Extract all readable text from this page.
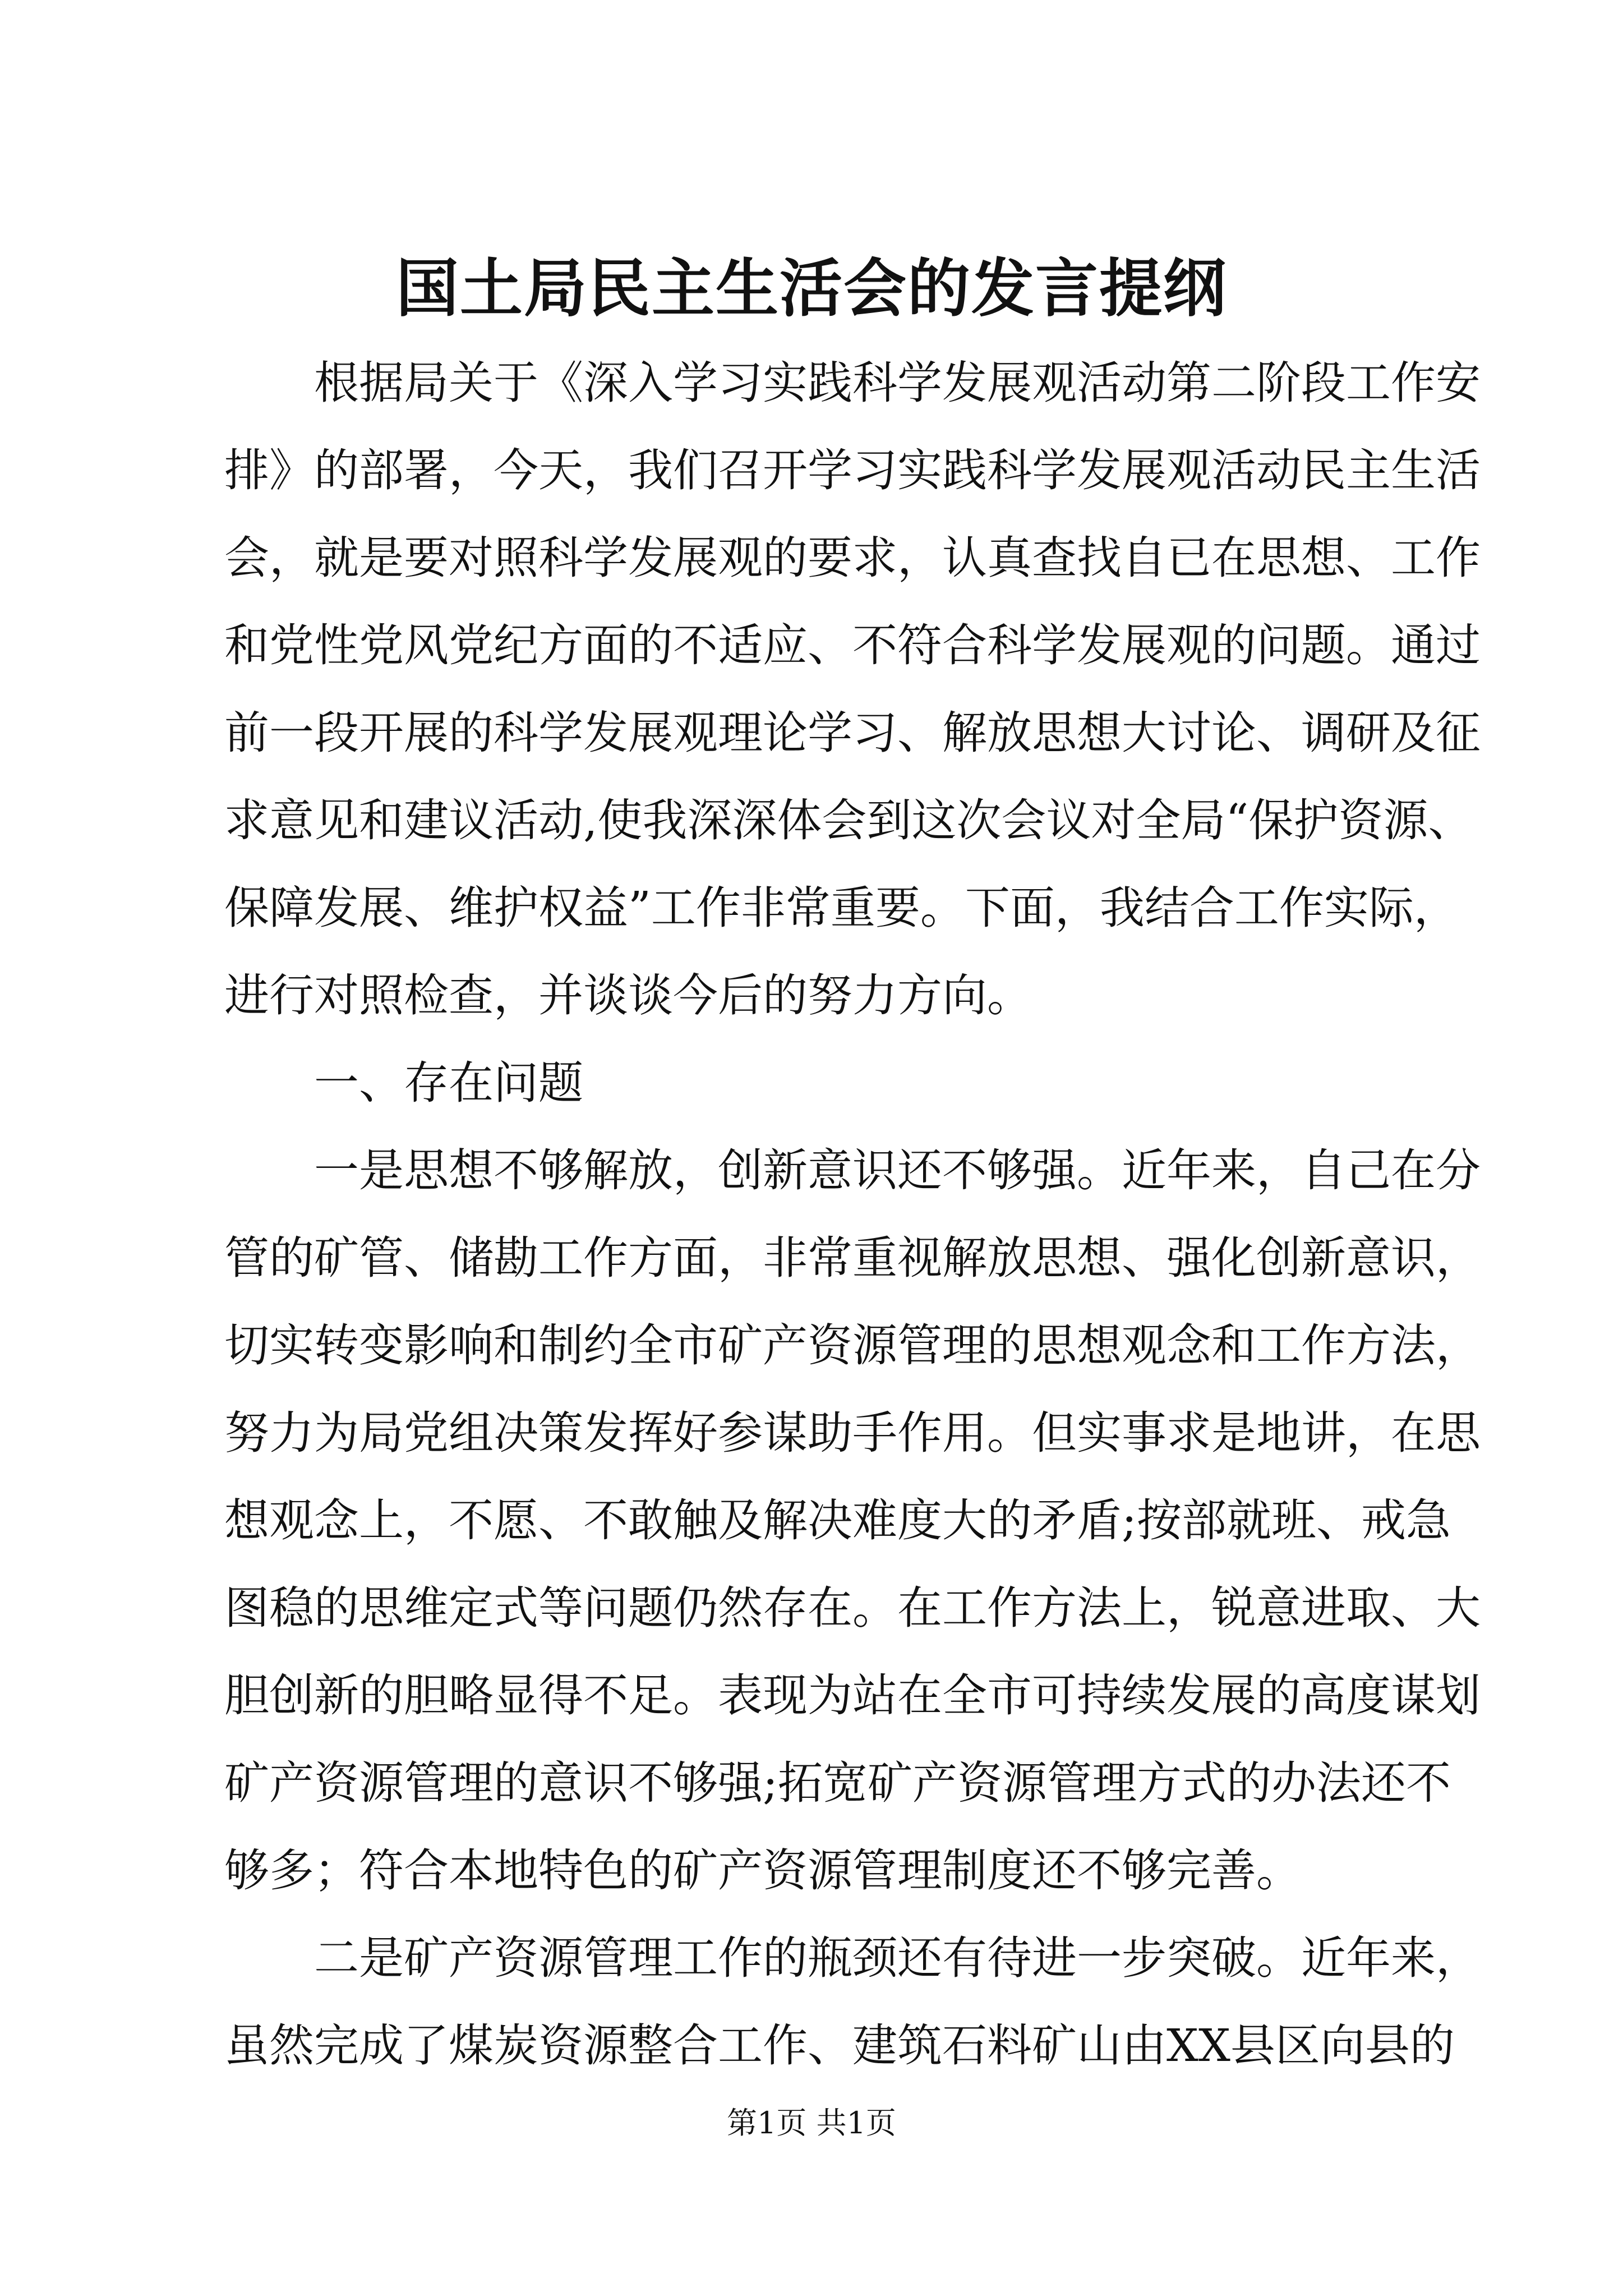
国土局民主生活会的发言提纲
根据局关于《深入学习实践科学发展观活动第二阶段工作安
排》的部署，今天，我们召开学习实践科学发展观活动民主生活
会，就是要对照科学发展观的要求，认真查找自已在思想、工作
和党性党风党纪方面的不适应、不符合科学发展观的问题。通过
前一段开展的科学发展观理论学习、解放思想大讨论、调研及征
求意见和建议活动,使我深深体会到这次会议对全局“保护资源、
保障发展、维护权益”工作非常重要。下面，我结合工作实际，
进行对照检查，并谈谈今后的努力方向。
一、存在问题
一是思想不够解放，创新意识还不够强。近年来，自己在分
管的矿管、储勘工作方面，非常重视解放思想、强化创新意识，
切实转变影响和制约全市矿产资源管理的思想观念和工作方法，
努力为局党组决策发挥好参谋助手作用。但实事求是地讲，在思
想观念上，不愿、不敢触及解决难度大的矛盾;按部就班、戒急
图稳的思维定式等问题仍然存在。在工作方法上，锐意进取、大
胆创新的胆略显得不足。表现为站在全市可持续发展的高度谋划
矿产资源管理的意识不够强;拓宽矿产资源管理方式的办法还不
够多；符合本地特色的矿产资源管理制度还不够完善。
二是矿产资源管理工作的瓶颈还有待进一步突破。近年来，
虽然完成了煤炭资源整合工作、建筑石料矿山由XX县区向县的
第1页 共1页
